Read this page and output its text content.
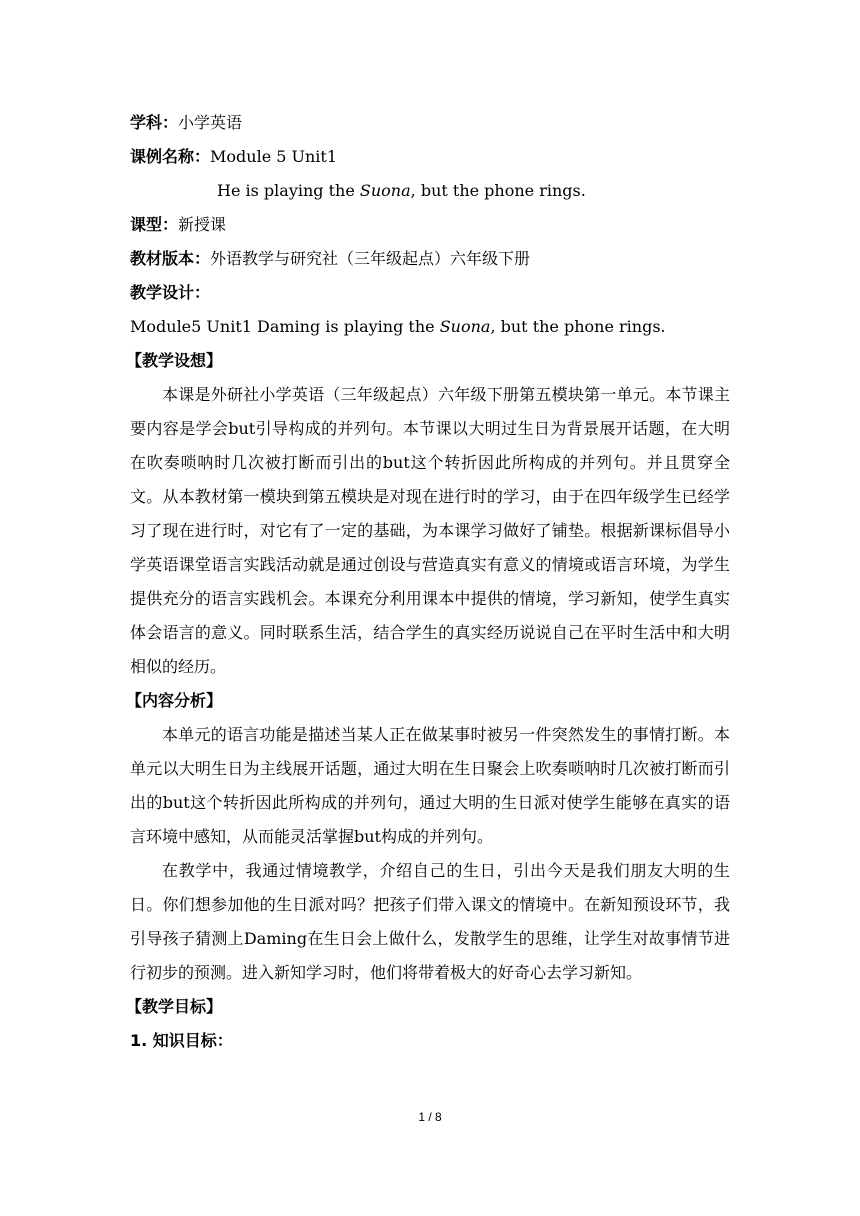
学科：小学英语

课例名称：Module 5 Unit1

He is playing the Suona, but the phone rings.

课型：新授课

教材版本：外语教学与研究社（三年级起点）六年级下册

教学设计：

Module5 Unit1 Daming is playing the Suona, but the phone rings.

【教学设想】

本课是外研社小学英语（三年级起点）六年级下册第五模块第一单元。本节课主要内容是学会but引导构成的并列句。本节课以大明过生日为背景展开话题，在大明在吹奏唢呐时几次被打断而引出的but这个转折因此所构成的并列句。并且贯穿全文。从本教材第一模块到第五模块是对现在进行时的学习，由于在四年级学生已经学习了现在进行时，对它有了一定的基础，为本课学习做好了铺垫。根据新课标倡导小学英语课堂语言实践活动就是通过创设与营造真实有意义的情境或语言环境，为学生提供充分的语言实践机会。本课充分利用课本中提供的情境，学习新知，使学生真实体会语言的意义。同时联系生活，结合学生的真实经历说说自己在平时生活中和大明相似的经历。

【内容分析】

本单元的语言功能是描述当某人正在做某事时被另一件突然发生的事情打断。本单元以大明生日为主线展开话题，通过大明在生日聚会上吹奏唢呐时几次被打断而引出的but这个转折因此所构成的并列句，通过大明的生日派对使学生能够在真实的语言环境中感知，从而能灵活掌握but构成的并列句。

在教学中，我通过情境教学，介绍自己的生日，引出今天是我们朋友大明的生日。你们想参加他的生日派对吗？把孩子们带入课文的情境中。在新知预设环节，我引导孩子猜测上Daming在生日会上做什么，发散学生的思维，让学生对故事情节进行初步的预测。进入新知学习时，他们将带着极大的好奇心去学习新知。

【教学目标】

1. 知识目标：

1 / 8
